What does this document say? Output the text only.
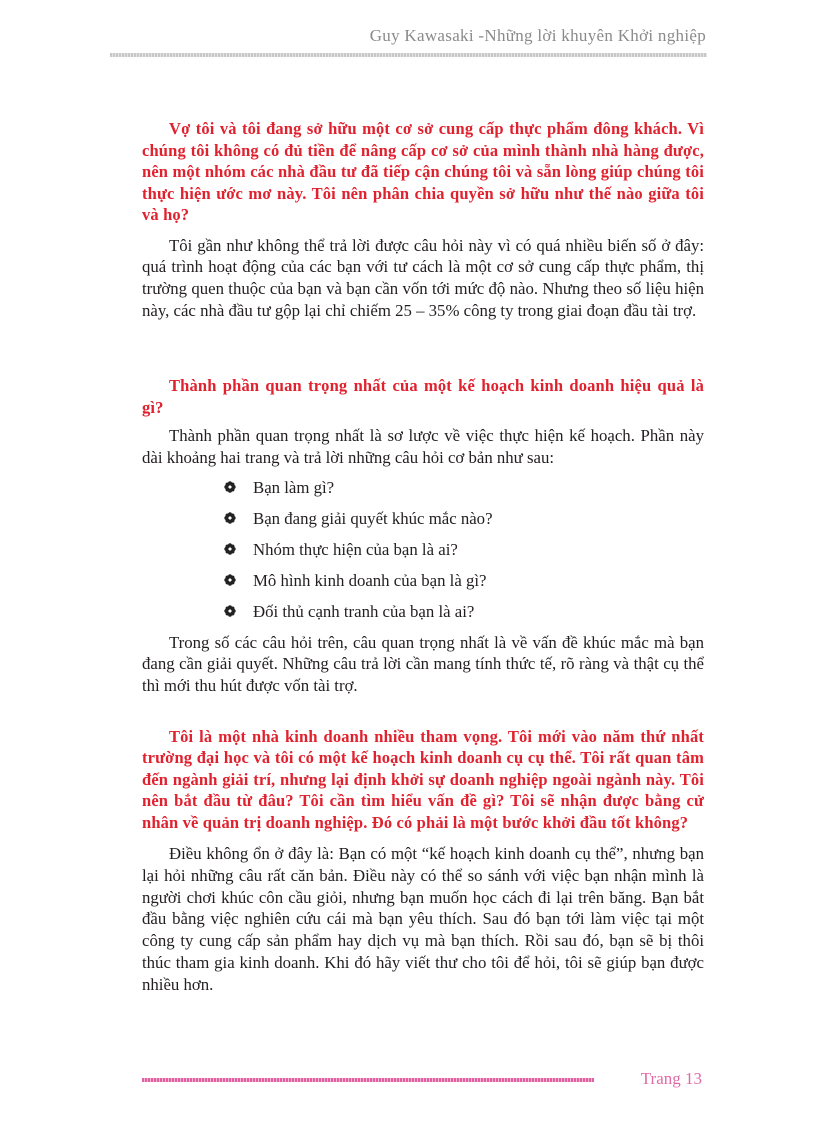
Guy Kawasaki -Những lời khuyên Khởi nghiệp

Vợ tôi và tôi đang sở hữu một cơ sở cung cấp thực phẩm đông khách. Vì chúng tôi không có đủ tiền để nâng cấp cơ sở của mình thành nhà hàng được, nên một nhóm các nhà đầu tư đã tiếp cận chúng tôi và sẵn lòng giúp chúng tôi thực hiện ước mơ này. Tôi nên phân chia quyền sở hữu như thế nào giữa tôi và họ?

Tôi gần như không thể trả lời được câu hỏi này vì có quá nhiều biến số ở đây: quá trình hoạt động của các bạn với tư cách là một cơ sở cung cấp thực phẩm, thị trường quen thuộc của bạn và bạn cần vốn tới mức độ nào. Nhưng theo số liệu hiện này, các nhà đầu tư gộp lại chỉ chiếm 25 – 35% công ty trong giai đoạn đầu tài trợ.

Thành phần quan trọng nhất của một kế hoạch kinh doanh hiệu quả là gì?

Thành phần quan trọng nhất là sơ lược về việc thực hiện kế hoạch. Phần này dài khoảng hai trang và trả lời những câu hỏi cơ bản như sau:

Bạn làm gì?
Bạn đang giải quyết khúc mắc nào?
Nhóm thực hiện của bạn là ai?
Mô hình kinh doanh của bạn là gì?
Đối thủ cạnh tranh của bạn là ai?

Trong số các câu hỏi trên, câu quan trọng nhất là về vấn đề khúc mắc mà bạn đang cần giải quyết. Những câu trả lời cần mang tính thức tế, rõ ràng và thật cụ thể thì mới thu hút được vốn tài trợ.

Tôi là một nhà kinh doanh nhiều tham vọng. Tôi mới vào năm thứ nhất trường đại học và tôi có một kế hoạch kinh doanh cụ cụ thể. Tôi rất quan tâm đến ngành giải trí, nhưng lại định khởi sự doanh nghiệp ngoài ngành này. Tôi nên bắt đầu từ đâu? Tôi cần tìm hiểu vấn đề gì? Tôi sẽ nhận được bằng cử nhân về quản trị doanh nghiệp. Đó có phải là một bước khởi đầu tốt không?

Điều không ổn ở đây là: Bạn có một “kế hoạch kinh doanh cụ thể”, nhưng bạn lại hỏi những câu rất căn bản. Điều này có thể so sánh với việc bạn nhận mình là người chơi khúc côn cầu giỏi, nhưng bạn muốn học cách đi lại trên băng. Bạn bắt đầu bằng việc nghiên cứu cái mà bạn yêu thích. Sau đó bạn tới làm việc tại một công ty cung cấp sản phẩm hay dịch vụ mà bạn thích. Rồi sau đó, bạn sẽ bị thôi thúc tham gia kinh doanh. Khi đó hãy viết thư cho tôi để hỏi, tôi sẽ giúp bạn được nhiều hơn.

Trang 13
